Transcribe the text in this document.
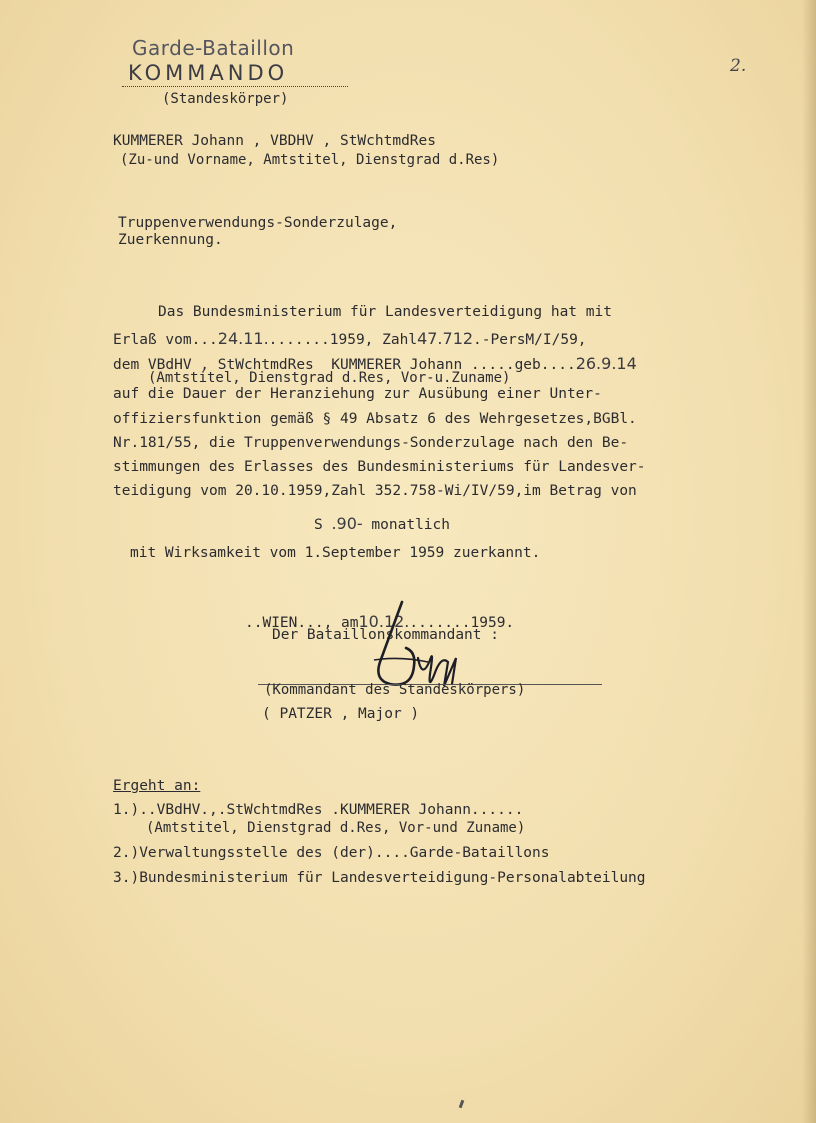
2.
Garde-Bataillon
KOMMANDO
(Standeskörper)
KUMMERER Johann , VBDHV , StWchtmdRes
(Zu-und Vorname, Amtstitel, Dienstgrad d.Res)
Truppenverwendungs-Sonderzulage,
Zuerkennung.
Das Bundesministerium für Landesverteidigung hat mit
Erlaß vom...24.11........1959, Zahl47.712.-PersM/I/59,
dem VBdHV , StWchtmdRes  KUMMERER Johann .....geb....26.9.14
(Amtstitel, Dienstgrad d.Res, Vor-u.Zuname)
auf die Dauer der Heranziehung zur Ausübung einer Unter-
offiziersfunktion gemäß § 49 Absatz 6 des Wehrgesetzes,BGBl.
Nr.181/55, die Truppenverwendungs-Sonderzulage nach den Be-
stimmungen des Erlasses des Bundesministeriums für Landesver-
teidigung vom 20.10.1959,Zahl 352.758-Wi/IV/59,im Betrag von
S .90- monatlich
mit Wirksamkeit vom 1.September 1959 zuerkannt.
..WIEN..., am10.12........1959.
Der Bataillonskommandant :
(Kommandant des Standeskörpers)
( PATZER , Major )
Ergeht an:
1.)..VBdHV.,.StWchtmdRes .KUMMERER Johann......
(Amtstitel, Dienstgrad d.Res, Vor-und Zuname)
2.)Verwaltungsstelle des (der)....Garde-Bataillons
3.)Bundesministerium für Landesverteidigung-Personalabteilung
